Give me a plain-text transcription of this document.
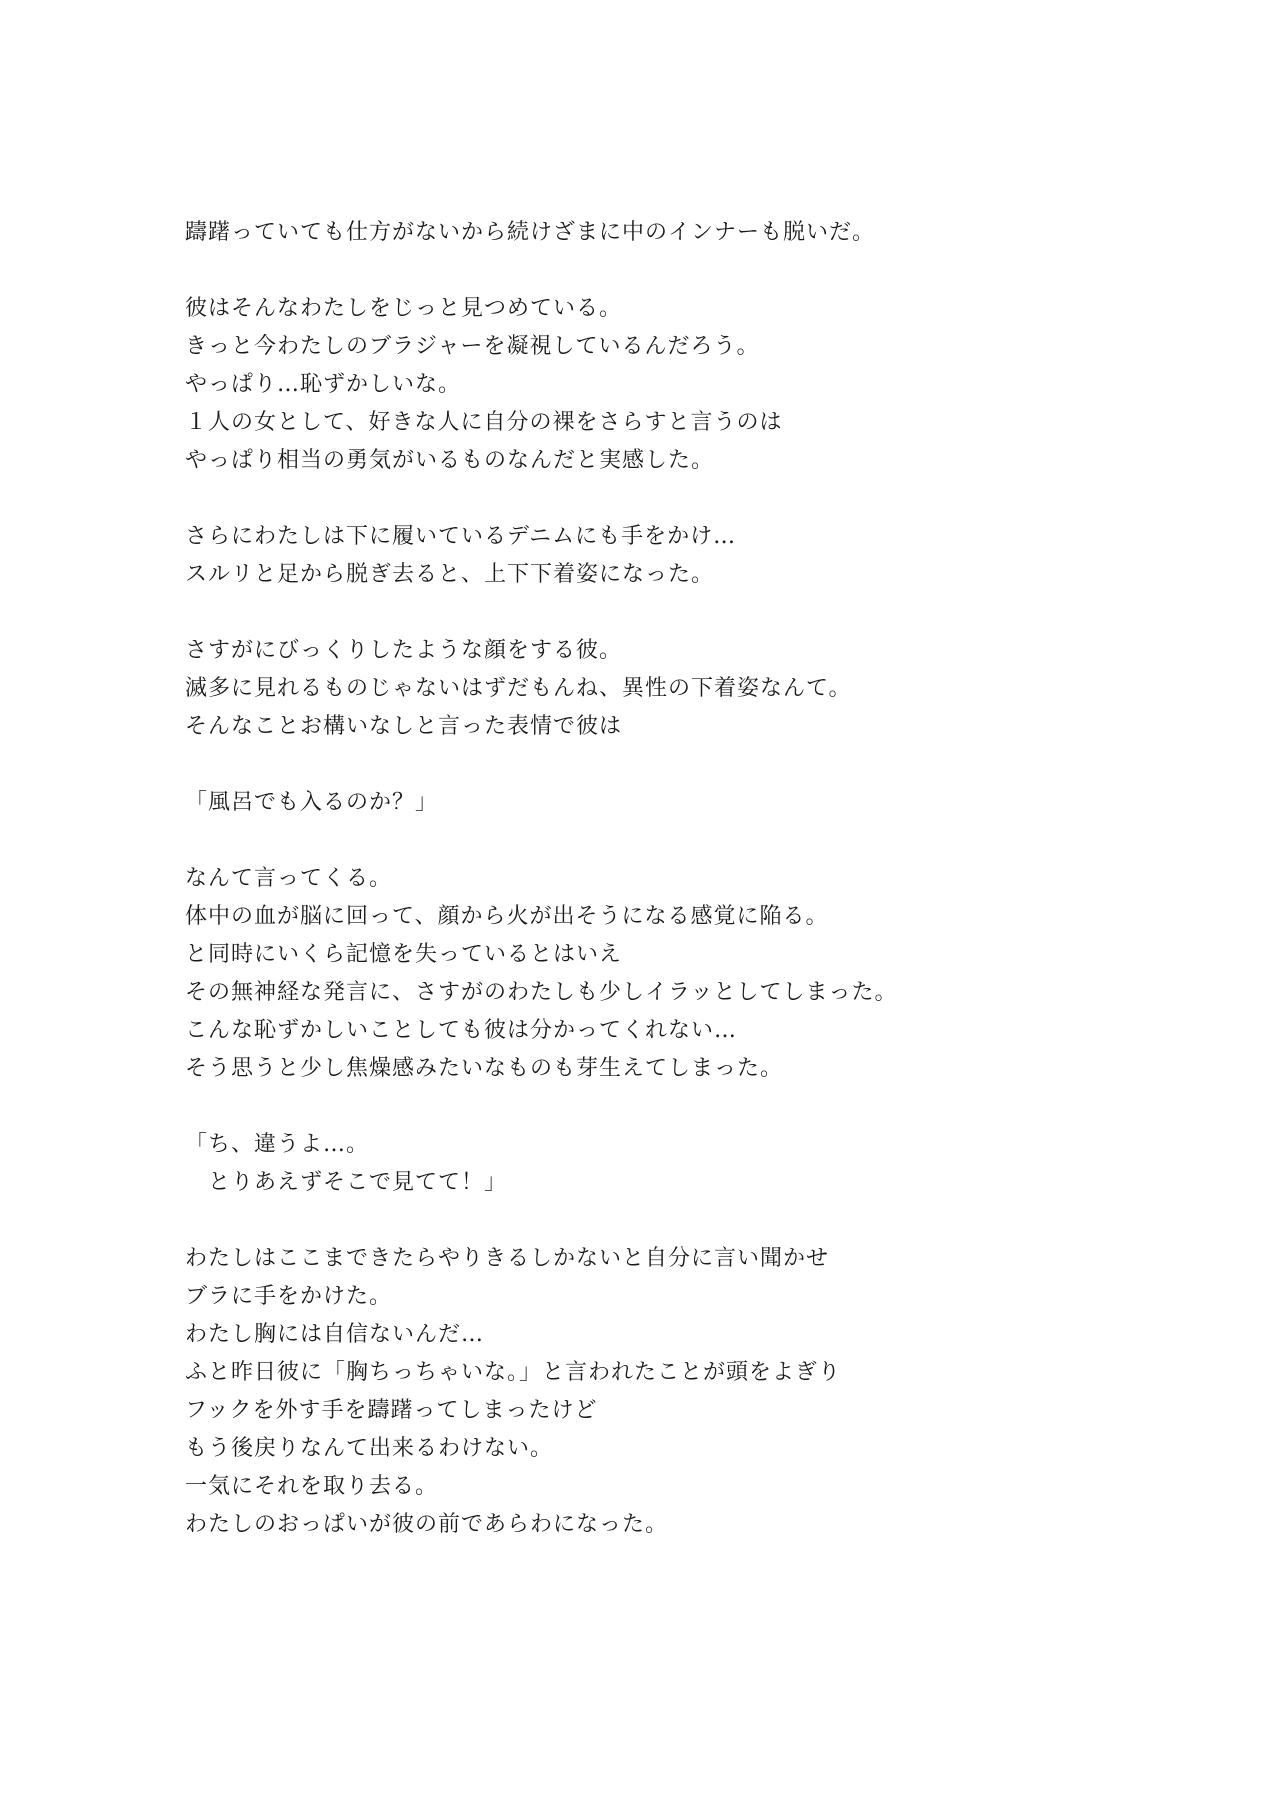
躊躇っていても仕方がないから続けざまに中のインナーも脱いだ。
彼はそんなわたしをじっと見つめている。
きっと今わたしのブラジャーを凝視しているんだろう。
やっぱり…恥ずかしいな。
１人の女として、好きな人に自分の裸をさらすと言うのは
やっぱり相当の勇気がいるものなんだと実感した。
さらにわたしは下に履いているデニムにも手をかけ…
スルリと足から脱ぎ去ると、上下下着姿になった。
さすがにびっくりしたような顔をする彼。
滅多に見れるものじゃないはずだもんね、異性の下着姿なんて。
そんなことお構いなしと言った表情で彼は
「風呂でも入るのか？」
なんて言ってくる。
体中の血が脳に回って、顔から火が出そうになる感覚に陥る。
と同時にいくら記憶を失っているとはいえ
その無神経な発言に、さすがのわたしも少しイラッとしてしまった。
こんな恥ずかしいことしても彼は分かってくれない…
そう思うと少し焦燥感みたいなものも芽生えてしまった。
「ち、違うよ…。
　とりあえずそこで見てて！」
わたしはここまできたらやりきるしかないと自分に言い聞かせ
ブラに手をかけた。
わたし胸には自信ないんだ…
ふと昨日彼に「胸ちっちゃいな。」と言われたことが頭をよぎり
フックを外す手を躊躇ってしまったけど
もう後戻りなんて出来るわけない。
一気にそれを取り去る。
わたしのおっぱいが彼の前であらわになった。
